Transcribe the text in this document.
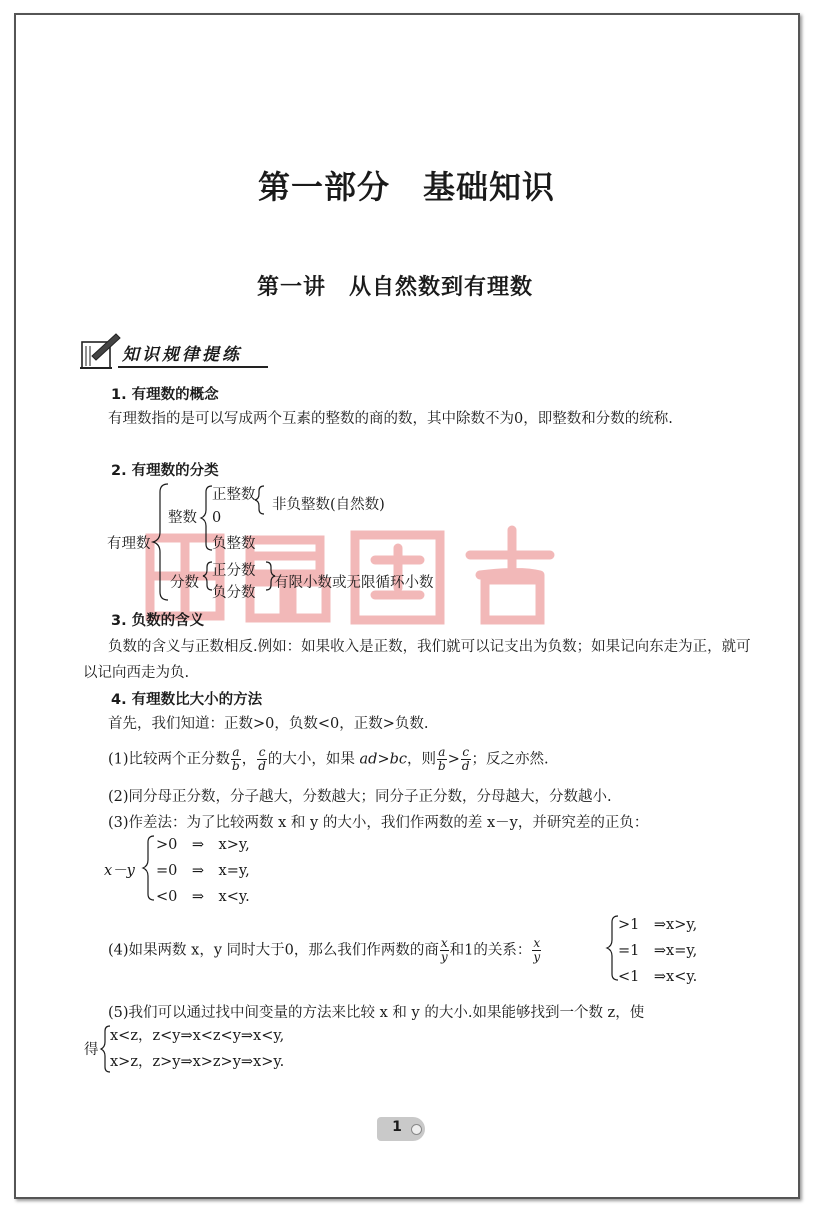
第一部分　基础知识
第一讲　从自然数到有理数
知识规律提练
1. 有理数的概念
有理数指的是可以写成两个互素的整数的商的数，其中除数不为0，即整数和分数的统称.
2. 有理数的分类
有理数
整数
正整数
0
负整数
非负整数(自然数)
分数
正分数
负分数
有限小数或无限循环小数
3. 负数的含义
负数的含义与正数相反.例如：如果收入是正数，我们就可以记支出为负数；如果记向东走为正，就可以记向西走为负.
4. 有理数比大小的方法
首先，我们知道：正数>0，负数<0，正数>负数.
(1)比较两个正分数 $\frac{a}{b}$ ， $\frac{c}{d}$ 的大小，如果 ad>bc，则 $\frac{a}{b} > \frac{c}{d}$ ；反之亦然.
(2)同分母正分数，分子越大，分数越大；同分子正分数，分母越大，分数越小.
(3)作差法：为了比较两数 x 和 y 的大小，我们作两数的差 x－y，并研究差的正负：
x－y
>0　⇒　x>y,
=0　⇒　x=y,
<0　⇒　x<y.
(4)如果两数 x，y 同时大于0，那么我们作两数的商 $\frac{x}{y}$ 和1的关系： $\frac{x}{y}$
>1　⇒x>y,
=1　⇒x=y,
<1　⇒x<y.
(5)我们可以通过找中间变量的方法来比较 x 和 y 的大小.如果能够找到一个数 z，使
得
x<z，z<y⇒x<z<y⇒x<y,
x>z，z>y⇒x>z>y⇒x>y.
1
